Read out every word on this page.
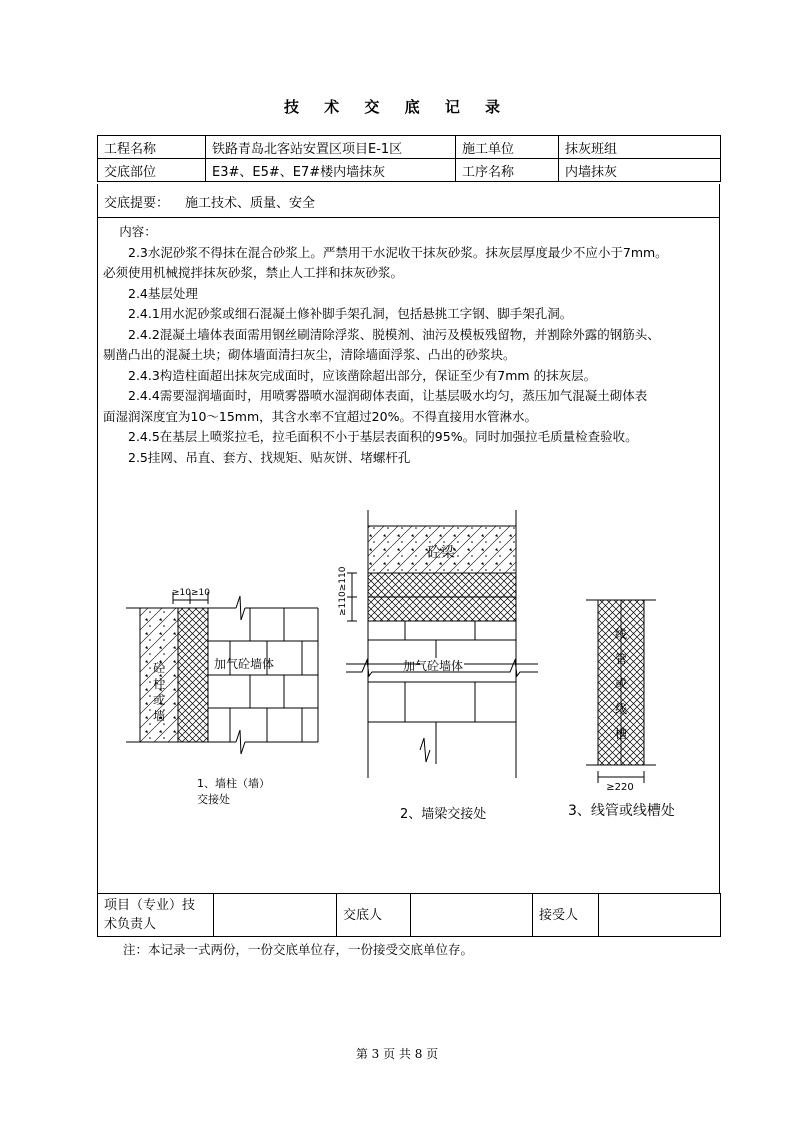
技 术 交 底 记 录
工程名称	铁路青岛北客站安置区项目E-1区	施工单位	抹灰班组
交底部位	E3#、E5#、E7#楼内墙抹灰	工序名称	内墙抹灰
交底提要： 施工技术、质量、安全

内容：

2.3水泥砂浆不得抹在混合砂浆上。严禁用干水泥收干抹灰砂浆。抹灰层厚度最少不应小于7mm。

必须使用机械搅拌抹灰砂浆，禁止人工拌和抹灰砂浆。

2.4基层处理

2.4.1用水泥砂浆或细石混凝土修补脚手架孔洞，包括悬挑工字钢、脚手架孔洞。

2.4.2混凝土墙体表面需用钢丝刷清除浮浆、脱模剂、油污及模板残留物，并割除外露的钢筋头、

剔凿凸出的混凝土块；砌体墙面清扫灰尘，清除墙面浮浆、凸出的砂浆块。

2.4.3构造柱面超出抹灰完成面时，应该凿除超出部分，保证至少有7mm 的抹灰层。

2.4.4需要湿润墙面时，用喷雾器喷水湿润砌体表面，让基层吸水均匀，蒸压加气混凝土砌体表

面湿润深度宜为10～15mm，其含水率不宜超过20%。不得直接用水管淋水。

2.4.5在基层上喷浆拉毛，拉毛面积不小于基层表面积的95%。同时加强拉毛质量检查验收。

2.5挂网、吊直、套方、找规矩、贴灰饼、堵螺杆孔

≥10≥10
砼
柱
或
墙
加气砼墙体
1、墙柱（墙）
交接处
砼梁
加气砼墙体
≥110≥110
2、墙梁交接处
线
管
或
线
槽
≥220
3、线管或线槽处
项目（专业）技
术负责人		交底人		接受人	
注：本记录一式两份，一份交底单位存，一份接受交底单位存。
第 3 页 共 8 页
